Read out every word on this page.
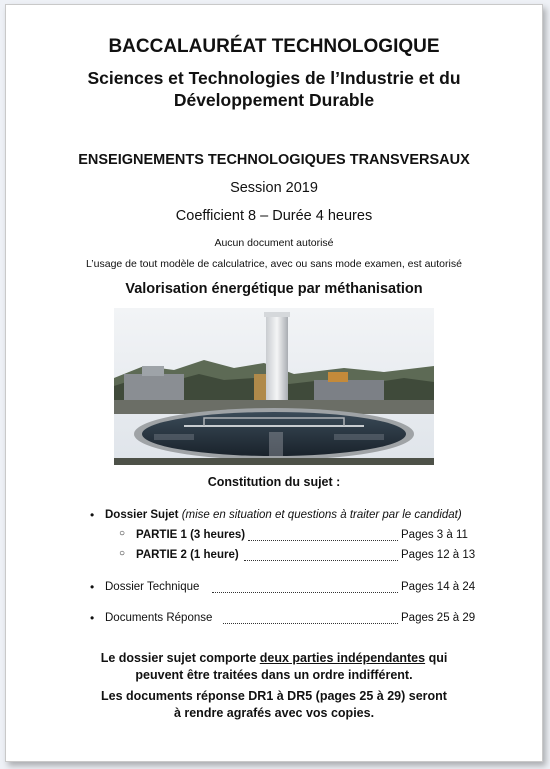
BACCALAURÉAT TECHNOLOGIQUE

Sciences et Technologies de l’Industrie et du Développement Durable

ENSEIGNEMENTS TECHNOLOGIQUES TRANSVERSAUX

Session 2019

Coefficient 8 – Durée 4 heures

Aucun document autorisé

L’usage de tout modèle de calculatrice, avec ou sans mode examen, est autorisé

Valorisation énergétique par méthanisation

Constitution du sujet :

• Dossier Sujet (mise en situation et questions à traiter par le candidat)
○ PARTIE 1 (3 heures)	Pages 3 à 11
○ PARTIE 2 (1 heure)	Pages 12 à 13
• Dossier Technique	Pages 14 à 24
• Documents Réponse	Pages 25 à 29
Le dossier sujet comporte deux parties indépendantes qui
peuvent être traitées dans un ordre indifférent.
Les documents réponse DR1 à DR5 (pages 25 à 29) seront
à rendre agrafés avec vos copies.
